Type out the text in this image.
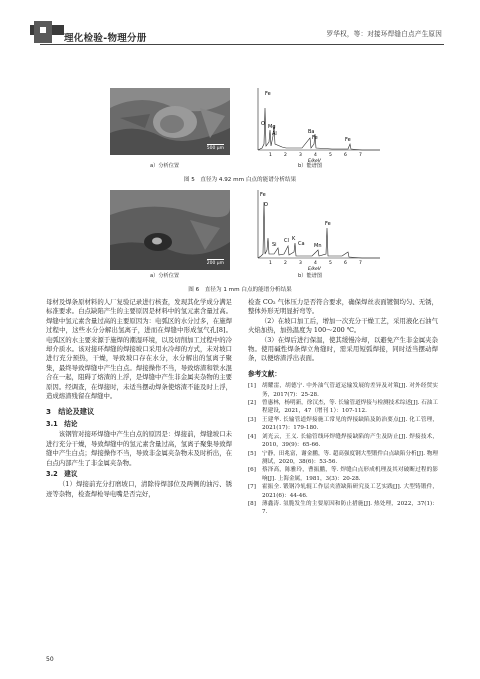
理化检验-物理分册	罗华权，等：对接环焊缝白点产生原因
500 μm
Fe
O Mg
Al	Ba
Fe	Fe
1	2	3	4	5	6	7
E/keV
a）分析位置	b）能谱图
图 5　直径为 4.92 mm 白点的能谱分析结果
200 μm
Fe
O
Si
Cl K
Ca Mn
Fe
1	2	3	4	5	6	7
E/keV
a）分析位置	b）能谱图
图 6　直径为 1 mm 白点的能谱分析结果

母材及焊条原材料的人厂复验记录进行核查，发现其化学成分满足标准要求。白点缺陷产生的主要原因是材料中的氢元素含量过高。焊缝中氢元素含量过高的主要原因为：电弧区的水分过多，在施焊过程中，这些水分分解出氢离子，进而在焊缝中形成氢气孔[8]。电弧区的水主要来源于施焊的潮湿环境，以及切削加工过程中的冷却介质水。该对接环焊缝的焊接坡口采用水冷却的方式，未对坡口进行充分预热，干燥，导致坡口存在水分，水分解出的氢离子聚集，最终导致焊缝中产生白点。焊接操作不当，导致熔渣和铁水混合在一起，阻碍了熔渣的上浮，是焊缝中产生非金属夹杂物的主要原因。经调查，在焊接时，未适当摆动焊条使熔渣不能及时上浮，造成熔渣残留在焊缝中。

3　结论及建议
3.1　结论

该钢管对接环焊缝中产生白点的原因是：焊接前，焊缝坡口未进行充分干燥，导致焊缝中的氢元素含量过高，氢离子聚集导致焊缝中产生白点；焊接操作不当，导致非金属夹杂物未及时析出，在白点内部产生了非金属夹杂物。

3.2　建议

（1）焊接前充分打磨坡口，清除待焊部位及两侧的油污、锈迹等杂物，检查焊枪导电嘴是否完好，

检查 CO₂ 气体压力是否符合要求，确保焊丝表面镀铜均匀、无锈，整体外形无明显折弯等。

（2）在坡口加工后，增加一次充分干燥工艺，采用液化石油气火焰加热，加热温度为 100～200 ℃。

（3）在焊后进行保温，使其缓慢冷却，以避免产生非金属夹杂物。使用碱性焊条焊立角缝时，需采用短弧焊接，同时适当摆动焊条，以便熔渣浮出表面。

参考文献：
[1]	胡耀雷，胡德宁. 中外油气管道运输发展的差异及对策[J]. 对外经贸实务，2017(7)：25-28.
[2]	曾惠林，杨明新，徐汉杰，等. 长输管道焊接与检测技术综述[J]. 石油工程建设，2021，47（增刊 1）：107-112.
[3]	王建华. 长输管道焊接施工常见的焊接缺陷及防治要点[J]. 化工管理，2021(17)：179-180.
[4]	刘光云，王义. 长输管线环焊缝焊接缺陷的产生及防止[J]. 焊接技术，2010，39(9)：65-66.
[5]	宁静，田兆富，谢金鹏，等. 超高强度钢大型锻件白点缺陷分析[J]. 物理测试，2020，38(6)：53-56.
[6]	蔡泽高，陈雅玲，曹振鹏，等. 焊缝白点形成机理及其对破断过程的影响[J]. 上海金属，1981，3(3)：20-28.
[7]	霍振全. 锻钢冷轧辊工作层夹渣缺陷研究及工艺实践[J]. 大型铸锻件，2021(6)：44-46.
[8]	薄鑫涛. 氢脆发生的主要原因和防止措施[J]. 热处理，2022，37(1)：7.
50
